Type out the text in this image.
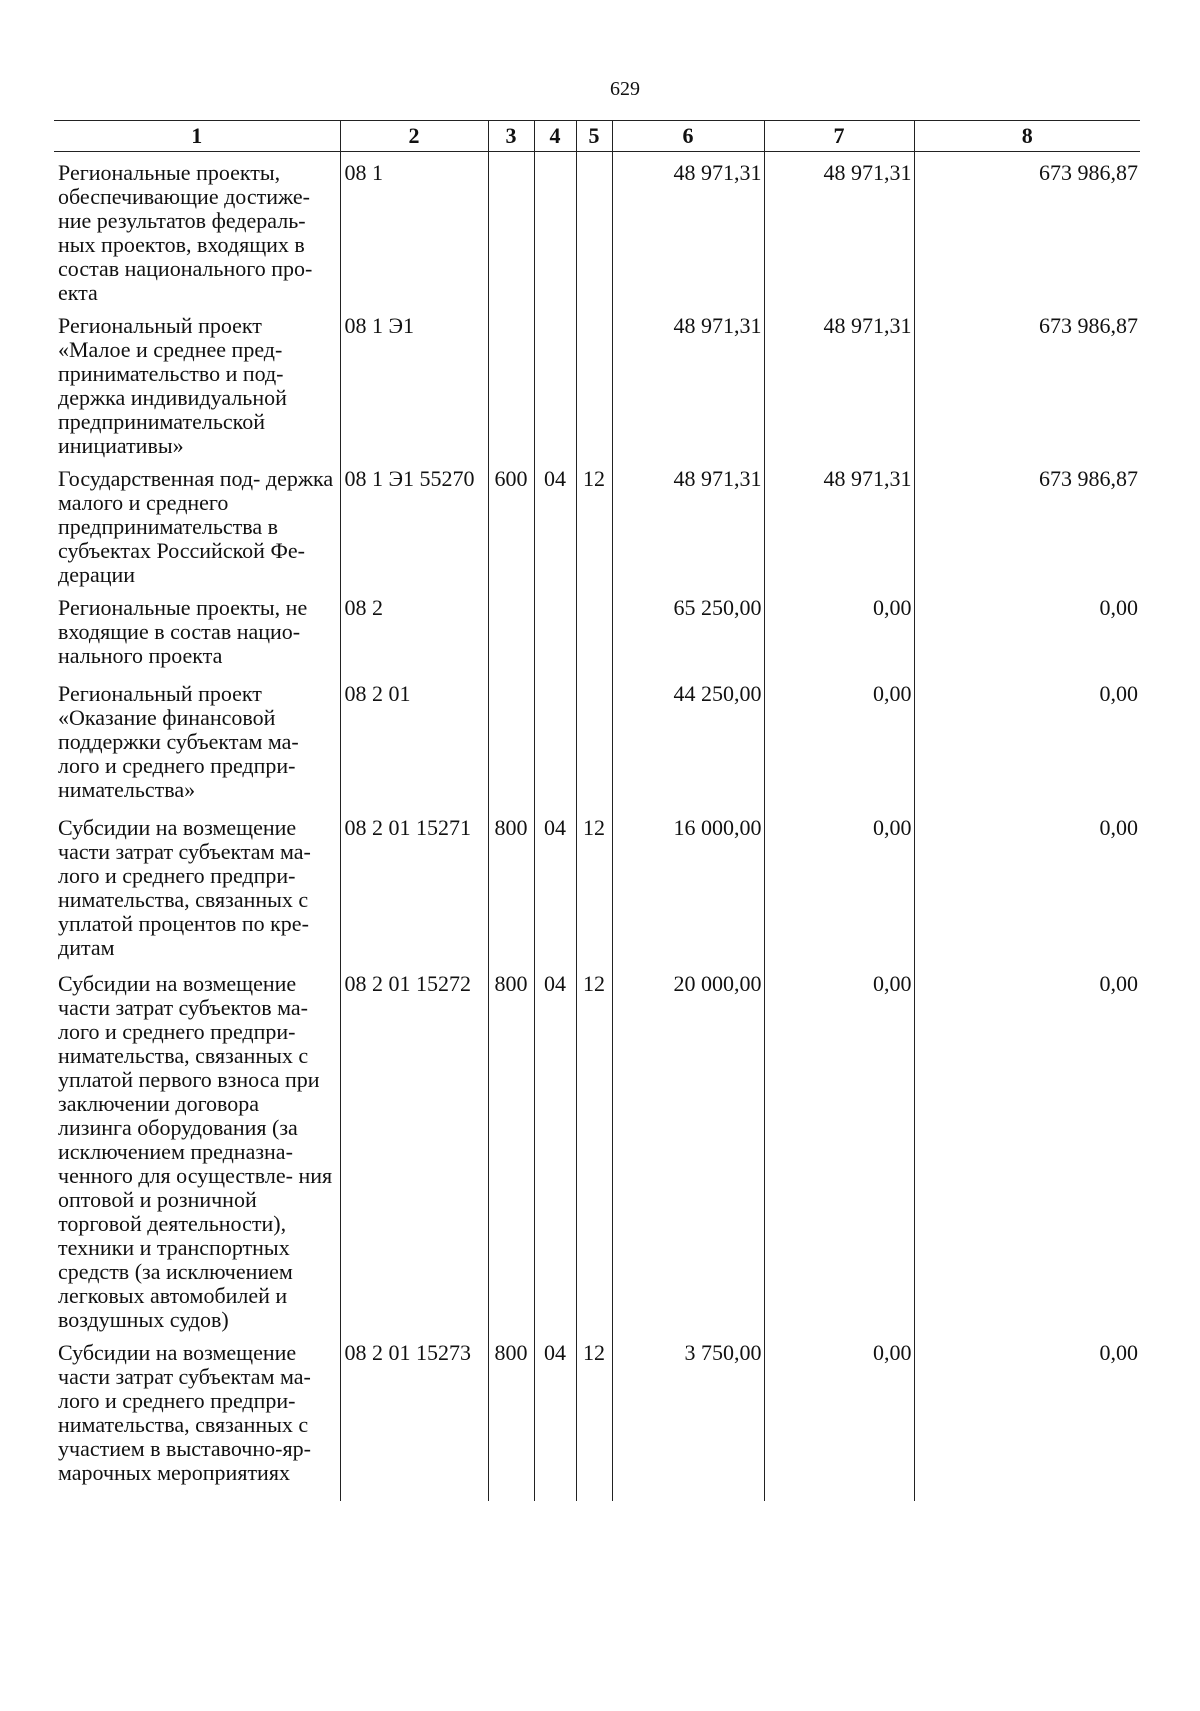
629
1	2	3	4	5	6	7	8
Региональные проекты, обеспечивающие достиже- ние результатов федераль- ных проектов, входящих в состав национального про- екта	08 1				48 971,31	48 971,31	673 986,87
Региональный проект «Малое и среднее пред- принимательство и под- держка индивидуальной предпринимательской инициативы»	08 1 Э1				48 971,31	48 971,31	673 986,87
Государственная под- держка малого и среднего предпринимательства в субъектах Российской Фе- дерации	08 1 Э1 55270	600	04	12	48 971,31	48 971,31	673 986,87
Региональные проекты, не входящие в состав нацио- нального проекта	08 2				65 250,00	0,00	0,00
Региональный проект «Оказание финансовой поддержки субъектам ма- лого и среднего предпри- нимательства»	08 2 01				44 250,00	0,00	0,00
Субсидии на возмещение части затрат субъектам ма- лого и среднего предпри- нимательства, связанных с уплатой процентов по кре- дитам	08 2 01 15271	800	04	12	16 000,00	0,00	0,00
Субсидии на возмещение части затрат субъектов ма- лого и среднего предпри- нимательства, связанных с уплатой первого взноса при заключении договора лизинга оборудования (за исключением предназна- ченного для осуществле- ния оптовой и розничной торговой деятельности), техники и транспортных средств (за исключением легковых автомобилей и воздушных судов)	08 2 01 15272	800	04	12	20 000,00	0,00	0,00
Субсидии на возмещение части затрат субъектам ма- лого и среднего предпри- нимательства, связанных с участием в выставочно-яр- марочных мероприятиях	08 2 01 15273	800	04	12	3 750,00	0,00	0,00
